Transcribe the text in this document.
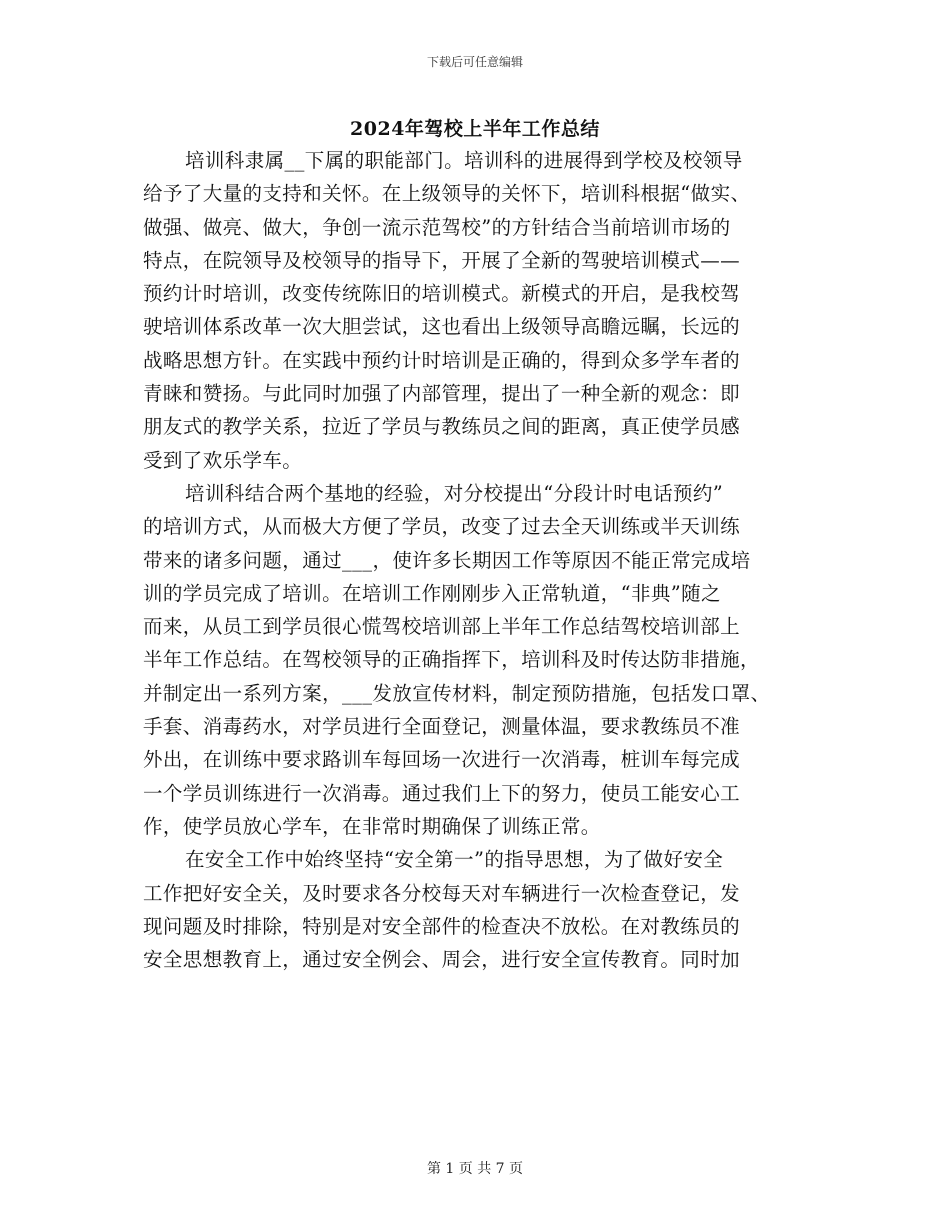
下载后可任意编辑
2024年驾校上半年工作总结

培训科隶属__下属的职能部门。培训科的进展得到学校及校领导
给予了大量的支持和关怀。在上级领导的关怀下，培训科根据“做实、
做强、做亮、做大，争创一流示范驾校”的方针结合当前培训市场的
特点，在院领导及校领导的指导下，开展了全新的驾驶培训模式——
预约计时培训，改变传统陈旧的培训模式。新模式的开启，是我校驾
驶培训体系改革一次大胆尝试，这也看出上级领导高瞻远瞩，长远的
战略思想方针。在实践中预约计时培训是正确的，得到众多学车者的
青睐和赞扬。与此同时加强了内部管理，提出了一种全新的观念：即
朋友式的教学关系，拉近了学员与教练员之间的距离，真正使学员感
受到了欢乐学车。

培训科结合两个基地的经验，对分校提出“分段计时电话预约”
的培训方式，从而极大方便了学员，改变了过去全天训练或半天训练
带来的诸多问题，通过___，使许多长期因工作等原因不能正常完成培
训的学员完成了培训。在培训工作刚刚步入正常轨道，“非典”随之
而来，从员工到学员很心慌驾校培训部上半年工作总结驾校培训部上
半年工作总结。在驾校领导的正确指挥下，培训科及时传达防非措施，
并制定出一系列方案，___发放宣传材料，制定预防措施，包括发口罩、
手套、消毒药水，对学员进行全面登记，测量体温，要求教练员不准
外出，在训练中要求路训车每回场一次进行一次消毒，桩训车每完成
一个学员训练进行一次消毒。通过我们上下的努力，使员工能安心工
作，使学员放心学车，在非常时期确保了训练正常。

在安全工作中始终坚持“安全第一”的指导思想，为了做好安全
工作把好安全关，及时要求各分校每天对车辆进行一次检查登记，发
现问题及时排除，特别是对安全部件的检查决不放松。在对教练员的
安全思想教育上，通过安全例会、周会，进行安全宣传教育。同时加

第 1 页 共 7 页
